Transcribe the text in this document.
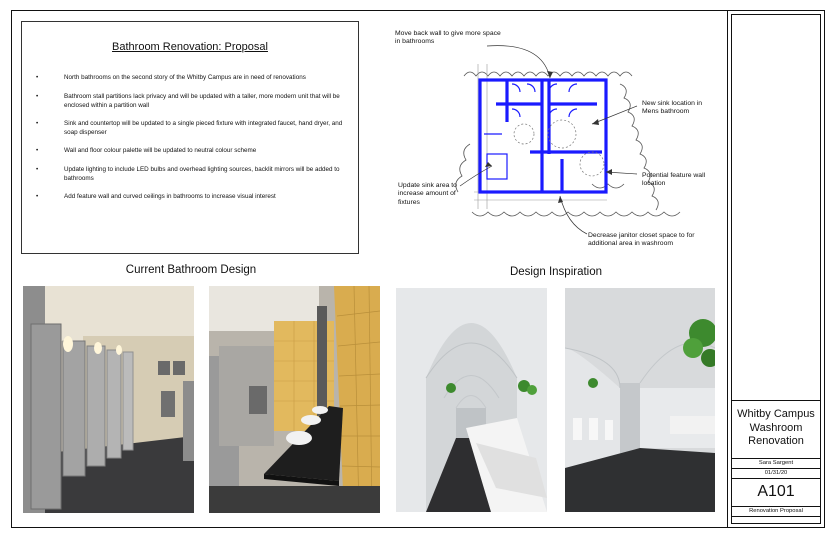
Bathroom Renovation: Proposal
•	North bathrooms on the second story of the Whitby Campus are in need of renovations
•	Bathroom stall partitions lack privacy and will be updated with a taller, more modern unit that will be enclosed within a partition wall
•	Sink and countertop will be updated to a single pieced fixture with integrated faucet, hand dryer, and soap dispenser
•	Wall and floor colour palette will be updated to neutral colour scheme
•	Update lighting to include LED bulbs and overhead lighting sources, backlit mirrors will be added to bathrooms
•	Add feature wall and curved ceilings in bathrooms to increase visual interest
Move back wall to give more space in bathrooms
New sink location in Mens bathroom
Update sink area to increase amount of fixtures
Potential feature wall location
Decrease janitor closet space to for additional area in washroom
Current Bathroom Design	Design Inspiration
Whitby Campus
Washroom
Renovation
Sara Sargent
01/31/20
A101
Renovation Proposal
